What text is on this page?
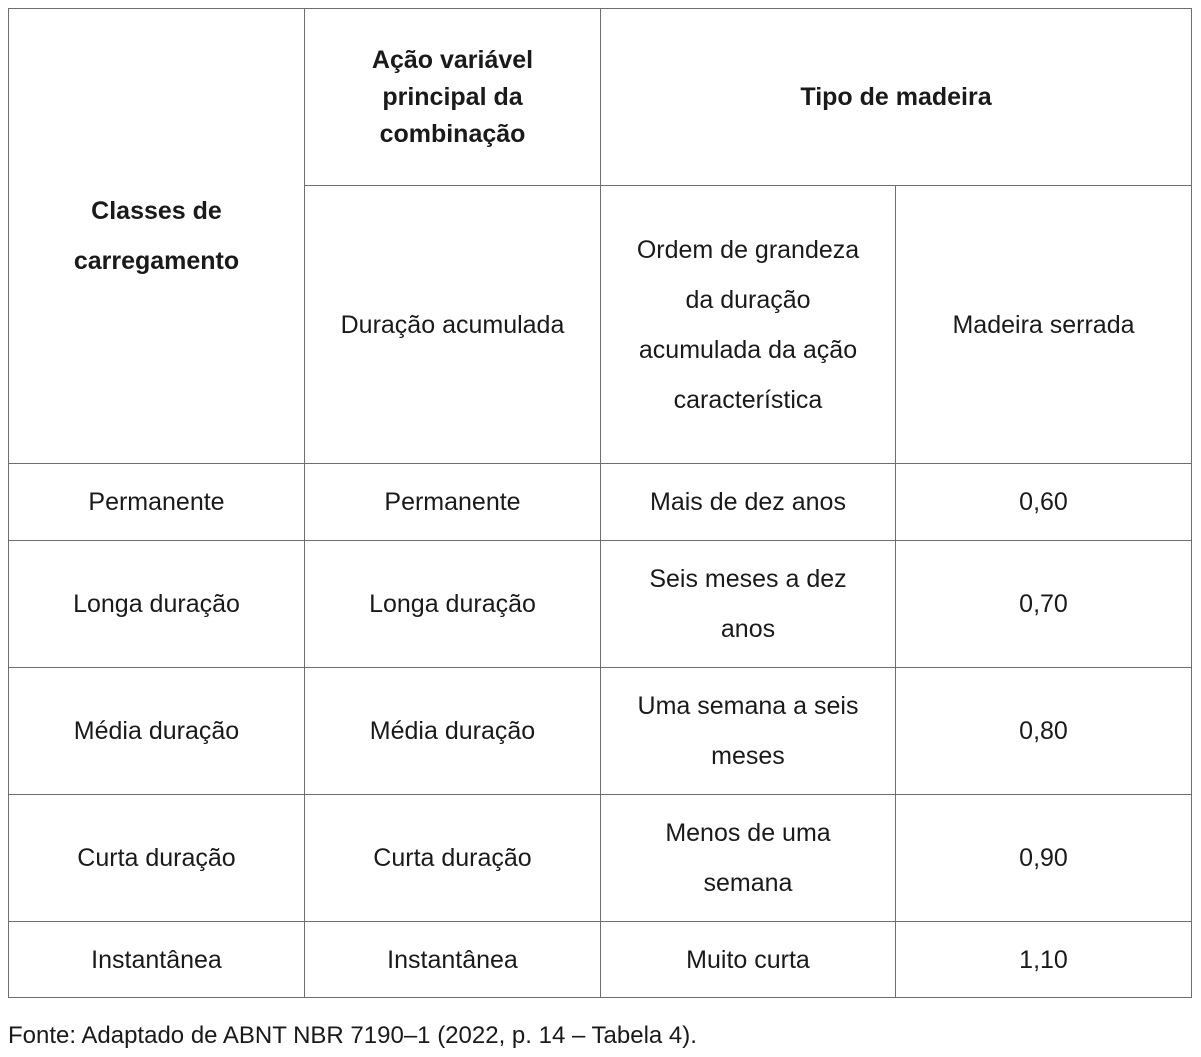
Classes de carregamento	Ação variável principal da combinação	Tipo de madeira	
	Duração acumulada	Ordem de grandeza da duração acumulada da ação característica	Madeira serrada
Permanente	Permanente	Mais de dez anos	0,60
Longa duração	Longa duração	Seis meses a dez anos	0,70
Média duração	Média duração	Uma semana a seis meses	0,80
Curta duração	Curta duração	Menos de uma semana	0,90
Instantânea	Instantânea	Muito curta	1,10
Fonte: Adaptado de ABNT NBR 7190–1 (2022, p. 14 – Tabela 4).
